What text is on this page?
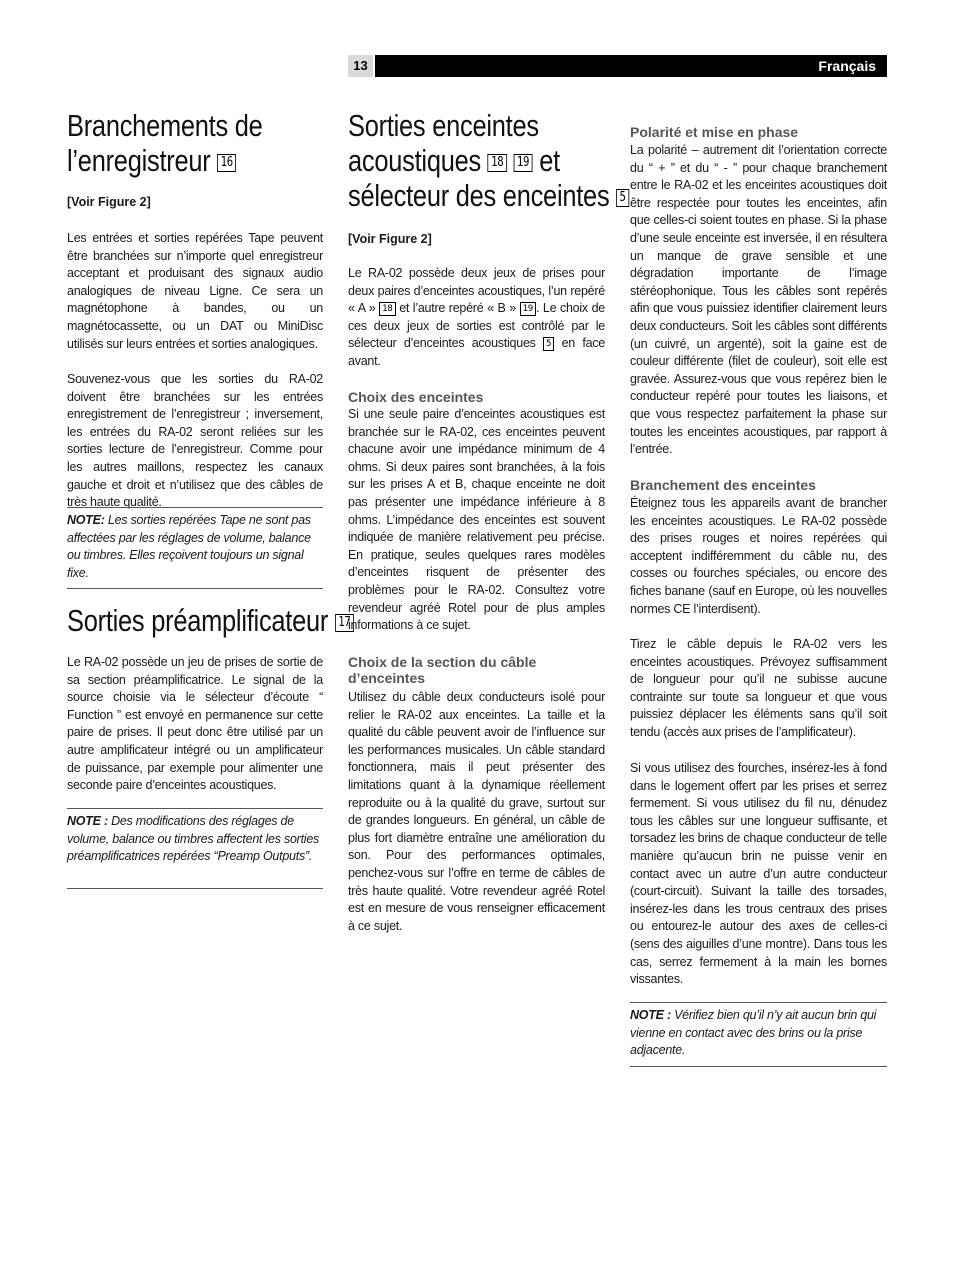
13	Français
Branchements de
l’enregistreur 16

[Voir Figure 2]

Les entrées et sorties repérées Tape peuvent être branchées sur n’importe quel enregistreur acceptant et produisant des signaux audio analogiques de niveau Ligne. Ce sera un magnétophone à bandes, ou un magnétocassette, ou un DAT ou MiniDisc utilisés sur leurs entrées et sorties analogiques.

Souvenez-vous que les sorties du RA-02 doivent être branchées sur les entrées enregistrement de l’enregistreur ; inversement, les entrées du RA-02 seront reliées sur les sorties lecture de l’enregistreur. Comme pour les autres maillons, respectez les canaux gauche et droit et n’utilisez que des câbles de très haute qualité.

NOTE: Les sorties repérées Tape ne sont pas affectées par les réglages de volume, balance ou timbres. Elles reçoivent toujours un signal fixe.

Sorties préamplificateur 17

Le RA-02 possède un jeu de prises de sortie de sa section préamplificatrice. Le signal de la source choisie via le sélecteur d’écoute “ Function ” est envoyé en permanence sur cette paire de prises. Il peut donc être utilisé par un autre amplificateur intégré ou un amplificateur de puissance, par exemple pour alimenter une seconde paire d’enceintes acoustiques.

NOTE : Des modifications des réglages de volume, balance ou timbres affectent les sorties préamplificatrices repérées “Preamp Outputs”.

Sorties enceintes
acoustiques 18 19 et
sélecteur des enceintes 5

[Voir Figure 2]

Le RA-02 possède deux jeux de prises pour deux paires d’enceintes acoustiques, l’un repéré « A » 18 et l’autre repéré « B » 19 . Le choix de ces deux jeux de sorties est contrôlé par le sélecteur d’enceintes acoustiques 5 en face avant.

Choix des enceintes

Si une seule paire d’enceintes acoustiques est branchée sur le RA-02, ces enceintes peuvent chacune avoir une impédance minimum de 4 ohms. Si deux paires sont branchées, à la fois sur les prises A et B, chaque enceinte ne doit pas présenter une impédance inférieure à 8 ohms. L’impédance des enceintes est souvent indiquée de manière relativement peu précise. En pratique, seules quelques rares modèles d’enceintes risquent de présenter des problèmes pour le RA-02. Consultez votre revendeur agréé Rotel pour de plus amples informations à ce sujet.

Choix de la section du câble d’enceintes

Utilisez du câble deux conducteurs isolé pour relier le RA-02 aux enceintes. La taille et la qualité du câble peuvent avoir de l’influence sur les performances musicales. Un câble standard fonctionnera, mais il peut présenter des limitations quant à la dynamique réellement reproduite ou à la qualité du grave, surtout sur de grandes longueurs. En général, un câble de plus fort diamètre entraîne une amélioration du son. Pour des performances optimales, penchez-vous sur l’offre en terme de câbles de très haute qualité. Votre revendeur agréé Rotel est en mesure de vous renseigner efficacement à ce sujet.

Polarité et mise en phase

La polarité – autrement dit l’orientation correcte du “ + ” et du “ - ” pour chaque branchement entre le RA-02 et les enceintes acoustiques doit être respectée pour toutes les enceintes, afin que celles-ci soient toutes en phase. Si la phase d’une seule enceinte est inversée, il en résultera un manque de grave sensible et une dégradation importante de l’image stéréophonique. Tous les câbles sont repérés afin que vous puissiez identifier clairement leurs deux conducteurs. Soit les câbles sont différents (un cuivré, un argenté), soit la gaine est de couleur différente (filet de couleur), soit elle est gravée. Assurez-vous que vous repérez bien le conducteur repéré pour toutes les liaisons, et que vous respectez parfaitement la phase sur toutes les enceintes acoustiques, par rapport à l’entrée.

Branchement des enceintes

Éteignez tous les appareils avant de brancher les enceintes acoustiques. Le RA-02 possède des prises rouges et noires repérées qui acceptent indifféremment du câble nu, des cosses ou fourches spéciales, ou encore des fiches banane (sauf en Europe, où les nouvelles normes CE l’interdisent).

Tirez le câble depuis le RA-02 vers les enceintes acoustiques. Prévoyez suffisamment de longueur pour qu’il ne subisse aucune contrainte sur toute sa longueur et que vous puissiez déplacer les éléments sans qu’il soit tendu (accès aux prises de l’amplificateur).

Si vous utilisez des fourches, insérez-les à fond dans le logement offert par les prises et serrez fermement. Si vous utilisez du fil nu, dénudez tous les câbles sur une longueur suffisante, et torsadez les brins de chaque conducteur de telle manière qu’aucun brin ne puisse venir en contact avec un autre d’un autre conducteur (court-circuit). Suivant la taille des torsades, insérez-les dans les trous centraux des prises ou entourez-le autour des axes de celles-ci (sens des aiguilles d’une montre). Dans tous les cas, serrez fermement à la main les bornes vissantes.

NOTE : Vérifiez bien qu’il n’y ait aucun brin qui vienne en contact avec des brins ou la prise adjacente.
